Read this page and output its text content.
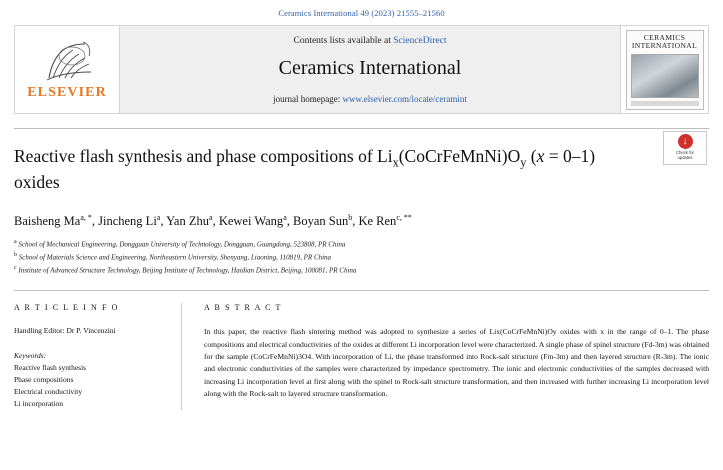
Ceramics International 49 (2023) 21555–21560
ELSEVIER
Contents lists available at ScienceDirect
Ceramics International
journal homepage: www.elsevier.com/locate/ceramint
CERAMICS INTERNATIONAL
Reactive flash synthesis and phase compositions of $Li_x(CoCrFeMnNi)O_y$ (x = 0–1) oxides
↓
Check for
updates
Baisheng $Ma^{a, *}$, Jincheng Li$^a$, Yan Zhu$^a$, Kewei Wang$^a$, Boyan Sun$^b$, Ke Ren$^{c, **}$
$^a$ School of Mechanical Engineering, Dongguan University of Technology, Dongguan, Guangdong, 523808, PR China
$^b$ School of Materials Science and Engineering, Northeastern University, Shenyang, Liaoning, 110819, PR China
$^c$ Institute of Advanced Structure Technology, Beijing Institute of Technology, Haidian District, Beijing, 100081, PR China
A R T I C L E I N F O
Handling Editor: Dr P. Vincenzini
Keywords:
Reactive flash synthesis
Phase compositions
Electrical conductivity
Li incorporation
A B S T R A C T
In this paper, the reactive flash sintering method was adopted to synthesize a series of Lix(CoCrFeMnNi)Oy oxides with x in the range of 0–1. The phase compositions and electrical conductivities of the oxides at different Li incorporation level were characterized. A single phase of spinel structure (Fd-3m) was obtained for the sample (CoCrFeMnNi)3O4. With incorporation of Li, the phase transformed into Rock-salt structure (Fm-3m) and then layered structure (R-3m). The ionic and electronic conductivities of the samples were characterized by impedance spectrometry. The ionic and electronic conductivities of the samples decreased with increasing Li incorporation level at first along with the spinel to Rock-salt structure transformation, and then increased with further increasing Li incorporation level along with the Rock-salt to layered structure transformation.
